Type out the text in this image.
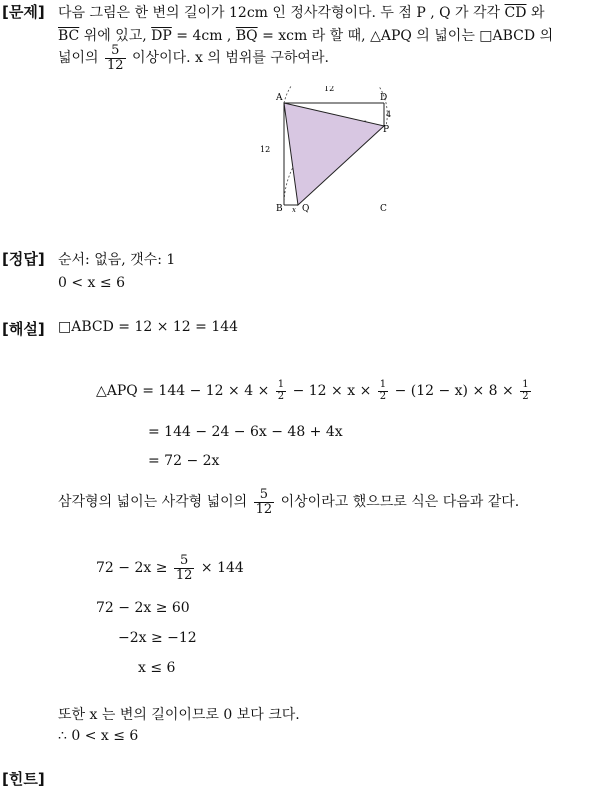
[문제]
[정답]
[해설]
[힌트]
다음 그림은 한 변의 길이가 12cm 인 정사각형이다. 두 점 P , Q 가 각각 $\overline{CD}$ 와
$\overline{BC}$ 위에 있고, $\overline{DP} = 4cm$ , $\overline{BQ}$ = xcm 라 할 때, △APQ 의 넓이는 □ABCD 의
넓이의 $\frac{5}{12}$ 이상이다. x 의 범위를 구하여라.
A
B	C
D
P
Q
12
12
4
x
순서: 없음, 갯수: 1
0 < x ≤ 6
□ABCD = 12 × 12 = 144
△APQ = $144 - 12 \times 4 \times \frac{1}{2} - 12 \times x \times \frac{1}{2} - (12 - x) \times 8 \times \frac{1}{2}$
= 144 − 24 − 6x − 48 + 4x
= 72 − 2x
삼각형의 넓이는 사각형 넓이의 $\frac{5}{12}$ 이상이라고 했으므로 식은 다음과 같다.
$72 - 2x \ge \frac{5}{12} \times 144$
72 − 2x ≥ 60
−2x ≥ −12
x ≤ 6
또한 x 는 변의 길이이므로 0 보다 크다.
∴ 0 < x ≤ 6
